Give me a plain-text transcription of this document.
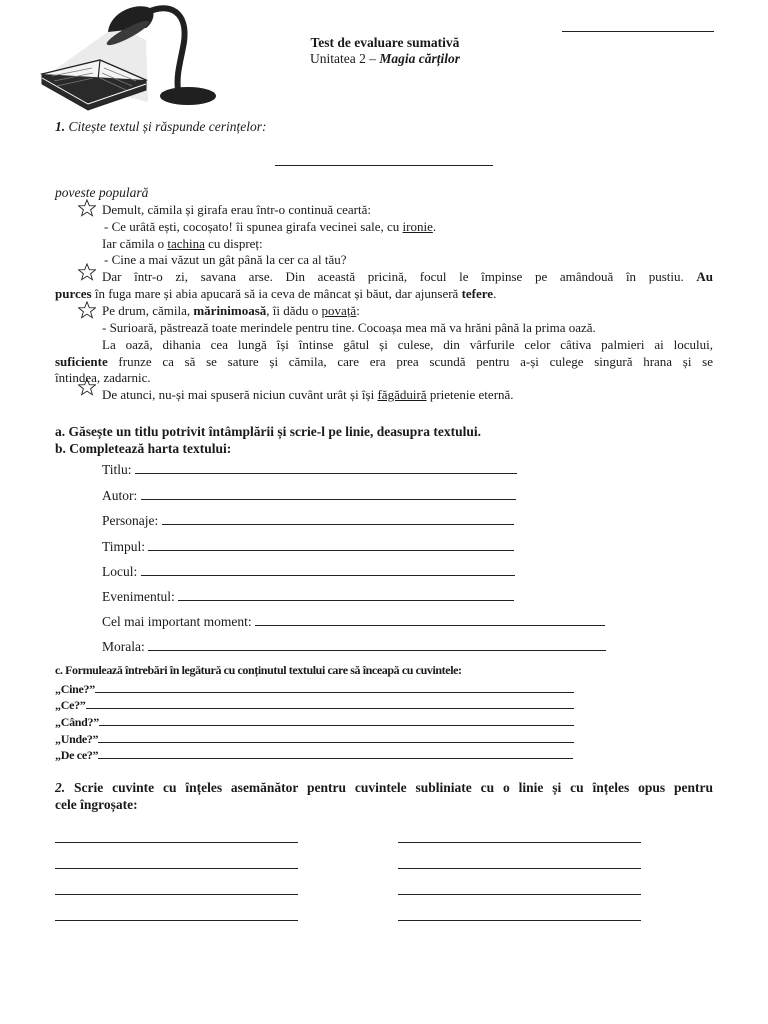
Test de evaluare sumativă
Unitatea 2 – Magia cărților
1. Citește textul și răspunde cerințelor:
poveste populară
Demult, cămila și girafa erau într-o continuă ceartă:
- Ce urâtă ești, cocoșato! îi spunea girafa vecinei sale, cu ironie.
Iar cămila o tachina cu dispreț:
- Cine a mai văzut un gât până la cer ca al tău?
Dar într-o zi, savana arse. Din această pricină, focul le împinse pe amândouă în pustiu. Au
purces în fuga mare și abia apucară să ia ceva de mâncat și băut, dar ajunseră tefere.
Pe drum, cămila, mărinimoasă, îi dădu o povață:
- Surioară, păstrează toate merindele pentru tine. Cocoașa mea mă va hrăni până la prima oază.
La oază, dihania cea lungă își întinse gâtul și culese, din vârfurile celor câtiva palmieri ai locului,
suficiente frunze ca să se sature și cămila, care era prea scundă pentru a-și culege singură hrana și se
întindea, zadarnic.
De atunci, nu-și mai spuseră niciun cuvânt urât și își făgăduiră prietenie eternă.
a. Găsește un titlu potrivit întâmplării și scrie-l pe linie, deasupra textului.
b. Completează harta textului:
Titlu:
Autor:
Personaje:
Timpul:
Locul:
Evenimentul:
Cel mai important moment:
Morala:
c. Formulează întrebări în legătură cu conținutul textului care să înceapă cu cuvintele:
„Cine?”
„Ce?”
„Când?”
„Unde?”
„De ce?”
2. Scrie cuvinte cu înțeles asemănător pentru cuvintele subliniate cu o linie și cu înțeles opus pentru
cele îngroșate:
